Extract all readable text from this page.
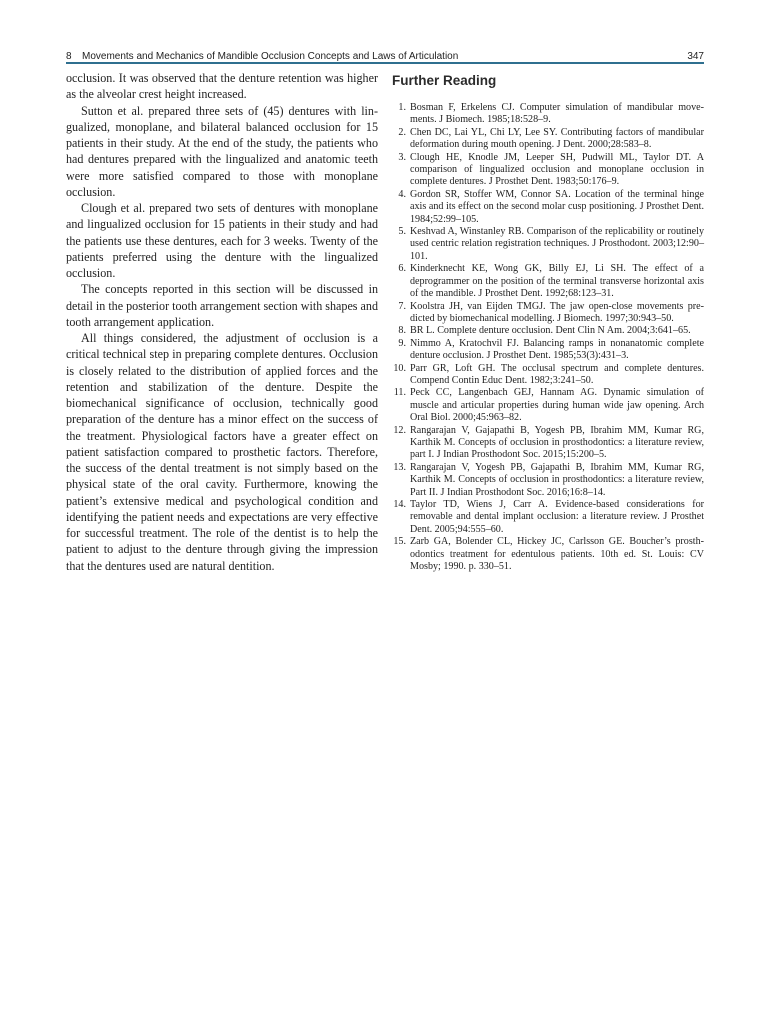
8	Movements and Mechanics of Mandible Occlusion Concepts and Laws of Articulation	347

occlusion. It was observed that the denture retention was higher as the alveolar crest height increased.

Sutton et al. prepared three sets of (45) dentures with lingualized, monoplane, and bilateral balanced occlusion for 15 patients in their study. At the end of the study, the patients who had dentures prepared with the lingualized and anatomic teeth were more satisfied compared to those with monoplane occlusion.

Clough et al. prepared two sets of dentures with monoplane and lingualized occlusion for 15 patients in their study and had the patients use these dentures, each for 3 weeks. Twenty of the patients preferred using the denture with the lingualized occlusion.

The concepts reported in this section will be discussed in detail in the posterior tooth arrangement section with shapes and tooth arrangement application.

All things considered, the adjustment of occlusion is a critical technical step in preparing complete dentures. Occlusion is closely related to the distribution of applied forces and the retention and stabilization of the denture. Despite the biomechanical significance of occlusion, technically good preparation of the denture has a minor effect on the success of the treatment. Physiological factors have a greater effect on patient satisfaction compared to prosthetic factors. Therefore, the success of the dental treatment is not simply based on the physical state of the oral cavity. Furthermore, knowing the patient’s extensive medical and psychological condition and identifying the patient needs and expectations are very effective for successful treatment. The role of the dentist is to help the patient to adjust to the denture through giving the impression that the dentures used are natural dentition.

Further Reading
1. Bosman F, Erkelens CJ. Computer simulation of mandibular movements. J Biomech. 1985;18:528–9.
2. Chen DC, Lai YL, Chi LY, Lee SY. Contributing factors of mandibular deformation during mouth opening. J Dent. 2000;28:583–8.
3. Clough HE, Knodle JM, Leeper SH, Pudwill ML, Taylor DT. A comparison of lingualized occlusion and monoplane occlusion in complete dentures. J Prosthet Dent. 1983;50:176–9.
4. Gordon SR, Stoffer WM, Connor SA. Location of the terminal hinge axis and its effect on the second molar cusp positioning. J Prosthet Dent. 1984;52:99–105.
5. Keshvad A, Winstanley RB. Comparison of the replicability or routinely used centric relation registration techniques. J Prosthodont. 2003;12:90–101.
6. Kinderknecht KE, Wong GK, Billy EJ, Li SH. The effect of a deprogrammer on the position of the terminal transverse horizontal axis of the mandible. J Prosthet Dent. 1992;68:123–31.
7. Koolstra JH, van Eijden TMGJ. The jaw open-close movements predicted by biomechanical modelling. J Biomech. 1997;30:943–50.
8. BR L. Complete denture occlusion. Dent Clin N Am. 2004;3:641–65.
9. Nimmo A, Kratochvil FJ. Balancing ramps in nonanatomic complete denture occlusion. J Prosthet Dent. 1985;53(3):431–3.
10. Parr GR, Loft GH. The occlusal spectrum and complete dentures. Compend Contin Educ Dent. 1982;3:241–50.
11. Peck CC, Langenbach GEJ, Hannam AG. Dynamic simulation of muscle and articular properties during human wide jaw opening. Arch Oral Biol. 2000;45:963–82.
12. Rangarajan V, Gajapathi B, Yogesh PB, Ibrahim MM, Kumar RG, Karthik M. Concepts of occlusion in prosthodontics: a literature review, part I. J Indian Prosthodont Soc. 2015;15:200–5.
13. Rangarajan V, Yogesh PB, Gajapathi B, Ibrahim MM, Kumar RG, Karthik M. Concepts of occlusion in prosthodontics: a literature review, Part II. J Indian Prosthodont Soc. 2016;16:8–14.
14. Taylor TD, Wiens J, Carr A. Evidence-based considerations for removable and dental implant occlusion: a literature review. J Prosthet Dent. 2005;94:555–60.
15. Zarb GA, Bolender CL, Hickey JC, Carlsson GE. Boucher’s prosthodontics treatment for edentulous patients. 10th ed. St. Louis: CV Mosby; 1990. p. 330–51.
